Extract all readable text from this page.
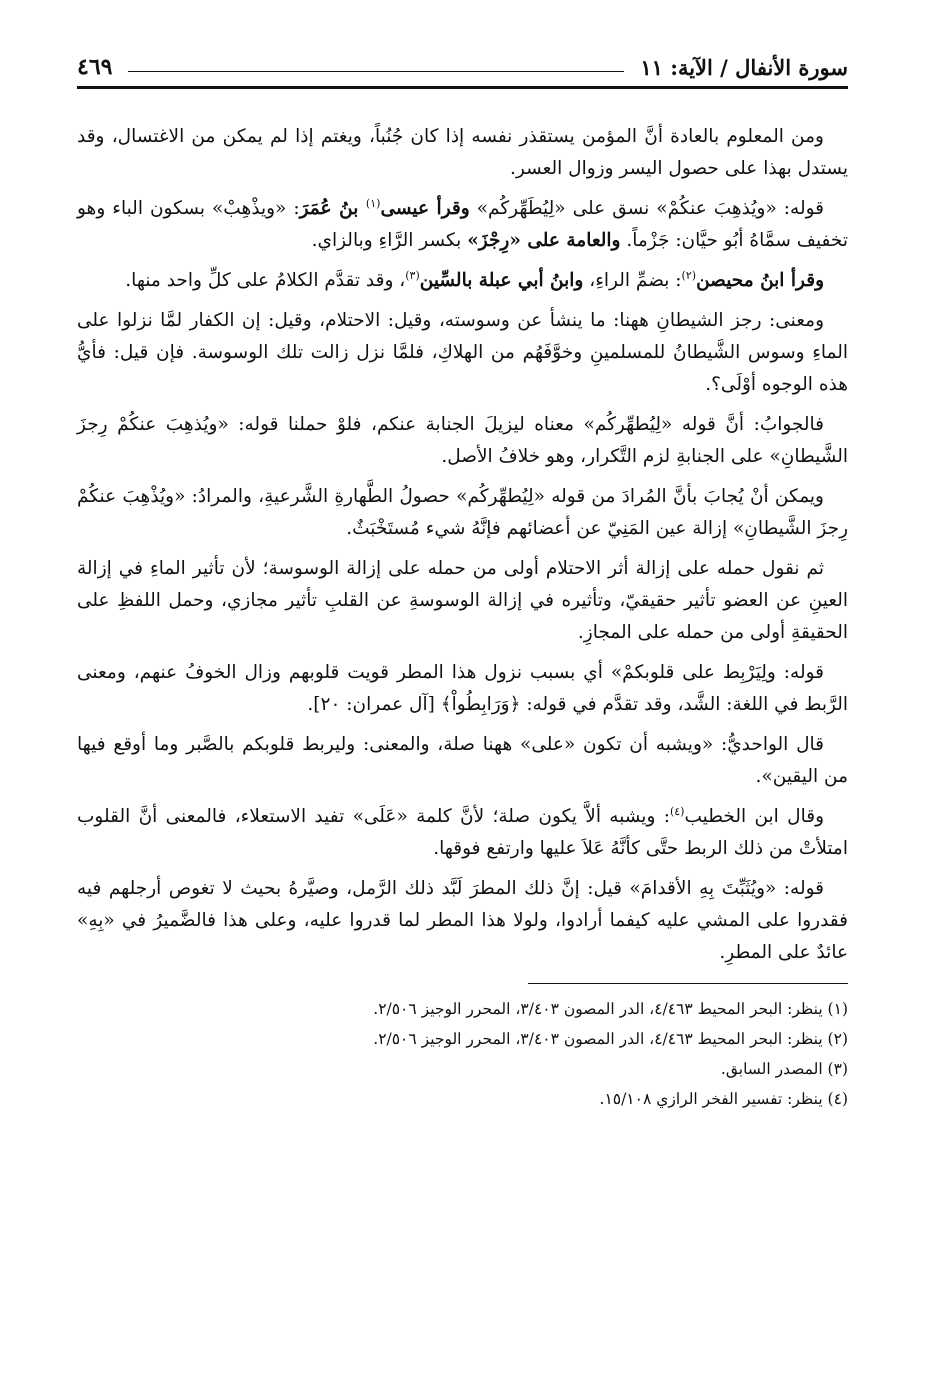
سورة الأنفال / الآية: ١١
٤٦٩

ومن المعلوم بالعادة أنَّ المؤمن يستقذر نفسه إذا كان جُنُباً، ويغتم إذا لم يمكن من الاغتسال، وقد يستدل بهذا على حصول اليسر وزوال العسر.

قوله: «ويُذهِبَ عنكُمْ» نسق على «لِيُطَهِّركُم» وقرأ عيسى$^{(١)}$ بنُ عُمَرَ: «ويذْهِبْ» بسكون الباء وهو تخفيف سمَّاهُ أبُو حيَّان: جَزْماً. والعامة على «رِجْزَ» بكسر الرَّاءِ وبالزاي.

وقرأ ابنُ محيصن$^{(٢)}$: بضمِّ الراءِ، وابنُ أبي عبلة بالسِّين$^{(٣)}$، وقد تقدَّم الكلامُ على كلِّ واحد منها.

ومعنى: رجز الشيطانِ ههنا: ما ينشأ عن وسوسته، وقيل: الاحتلام، وقيل: إن الكفار لمَّا نزلوا على الماءِ وسوس الشَّيطانُ للمسلمينِ وخوَّفَهُم من الهلاكِ، فلمَّا نزل زالت تلك الوسوسة. فإن قيل: فأيُّ هذه الوجوه أوْلَى؟.

فالجوابُ: أنَّ قوله «لِيُطهِّركُم» معناه ليزيلَ الجنابة عنكم، فلوْ حملنا قوله: «ويُذهِبَ عنكُمْ رِجزَ الشَّيطانِ» على الجنابةِ لزم التَّكرار، وهو خلافُ الأصل.

ويمكن أنْ يُجابَ بأنَّ المُرادَ من قوله «لِيُطهِّركُم» حصولُ الطَّهارةِ الشَّرعيةِ، والمرادُ: «ويُذْهِبَ عنكُمْ رِجزَ الشَّيطانِ» إزالة عين المَنِيّ عن أعضائهم فإنَّهُ شيء مُستَخْبَثٌ.

ثم نقول حمله على إزالة أثر الاحتلام أولى من حمله على إزالة الوسوسة؛ لأن تأثير الماءِ في إزالة العينِ عن العضو تأثير حقيقيّ، وتأثيره في إزالة الوسوسةِ عن القلبِ تأثير مجازي، وحمل اللفظِ على الحقيقةِ أولى من حمله على المجازِ.

قوله: ولِيَرْبِط على قلوبكمْ» أي بسبب نزول هذا المطر قويت قلوبهم وزال الخوفُ عنهم، ومعنى الرَّبط في اللغة: الشَّد، وقد تقدَّم في قوله: ﴿وَرَابِطُواْ﴾ [آل عمران: ٢٠].

قال الواحديُّ: «ويشبه أن تكون «على» ههنا صلة، والمعنى: وليربط قلوبكم بالصَّبر وما أوقع فيها من اليقين».

وقال ابن الخطيب$^{(٤)}$: ويشبه ألاَّ يكون صلة؛ لأنَّ كلمة «عَلَى» تفيد الاستعلاء، فالمعنى أنَّ القلوب امتلأتْ من ذلك الربط حتَّى كأنَّهُ عَلاَ عليها وارتفع فوقها.

قوله: «ويُثَبِّتَ بِهِ الأقدامَ» قيل: إنَّ ذلك المطرَ لَبَّد ذلك الرَّمل، وصيَّرهُ بحيث لا تغوص أرجلهم فيه فقدروا على المشي عليه كيفما أرادوا، ولولا هذا المطر لما قدروا عليه، وعلى هذا فالضَّميرُ في «بِهِ» عائدٌ على المطرِ.

(١) ينظر: البحر المحيط ٤/٤٦٣، الدر المصون ٣/٤٠٣، المحرر الوجيز ٢/٥٠٦.

(٢) ينظر: البحر المحيط ٤/٤٦٣، الدر المصون ٣/٤٠٣، المحرر الوجيز ٢/٥٠٦.

(٣) المصدر السابق.

(٤) ينظر: تفسير الفخر الرازي ١٥/١٠٨.
